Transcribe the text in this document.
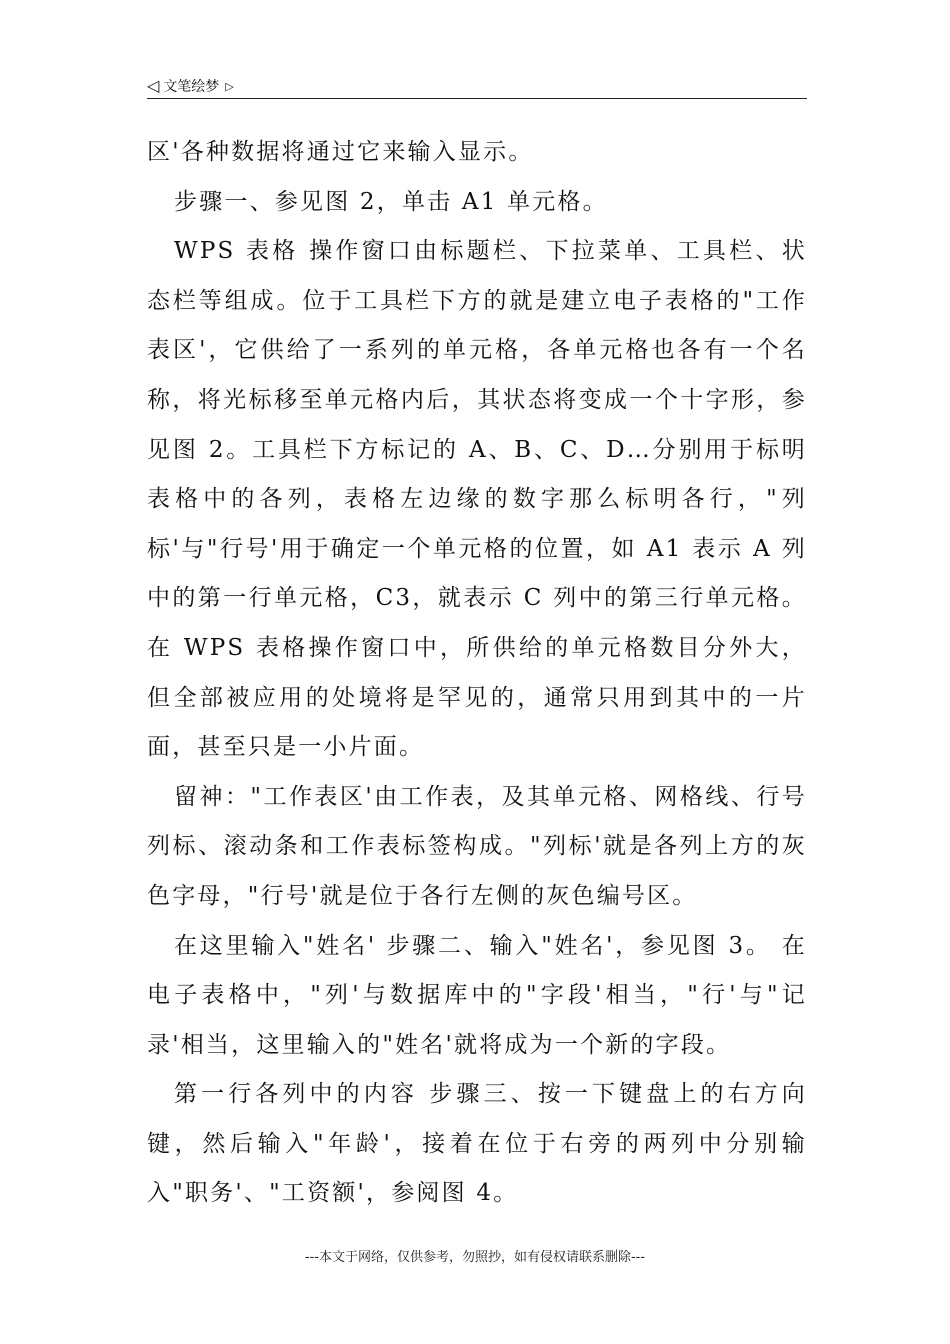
◁ 文笔绘梦 ▷

区'各种数据将通过它来输入显示。

步骤一、参见图 2，单击 A1 单元格。

WPS 表格 操作窗口由标题栏、下拉菜单、工具栏、状态栏等组成。位于工具栏下方的就是建立电子表格的"工作表区'，它供给了一系列的单元格，各单元格也各有一个名称，将光标移至单元格内后，其状态将变成一个十字形，参见图 2。工具栏下方标记的 A、B、C、D…分别用于标明表格中的各列，表格左边缘的数字那么标明各行，"列标'与"行号'用于确定一个单元格的位置，如 A1 表示 A 列中的第一行单元格，C3，就表示 C 列中的第三行单元格。在 WPS 表格操作窗口中，所供给的单元格数目分外大，但全部被应用的处境将是罕见的，通常只用到其中的一片面，甚至只是一小片面。

留神："工作表区'由工作表，及其单元格、网格线、行号列标、滚动条和工作表标签构成。"列标'就是各列上方的灰色字母，"行号'就是位于各行左侧的灰色编号区。

在这里输入"姓名' 步骤二、输入"姓名'，参见图 3。 在电子表格中，"列'与数据库中的"字段'相当，"行'与"记录'相当，这里输入的"姓名'就将成为一个新的字段。

第一行各列中的内容 步骤三、按一下键盘上的右方向键，然后输入"年龄'，接着在位于右旁的两列中分别输入"职务'、"工资额'，参阅图 4。

---本文于网络，仅供参考，勿照抄，如有侵权请联系删除---
